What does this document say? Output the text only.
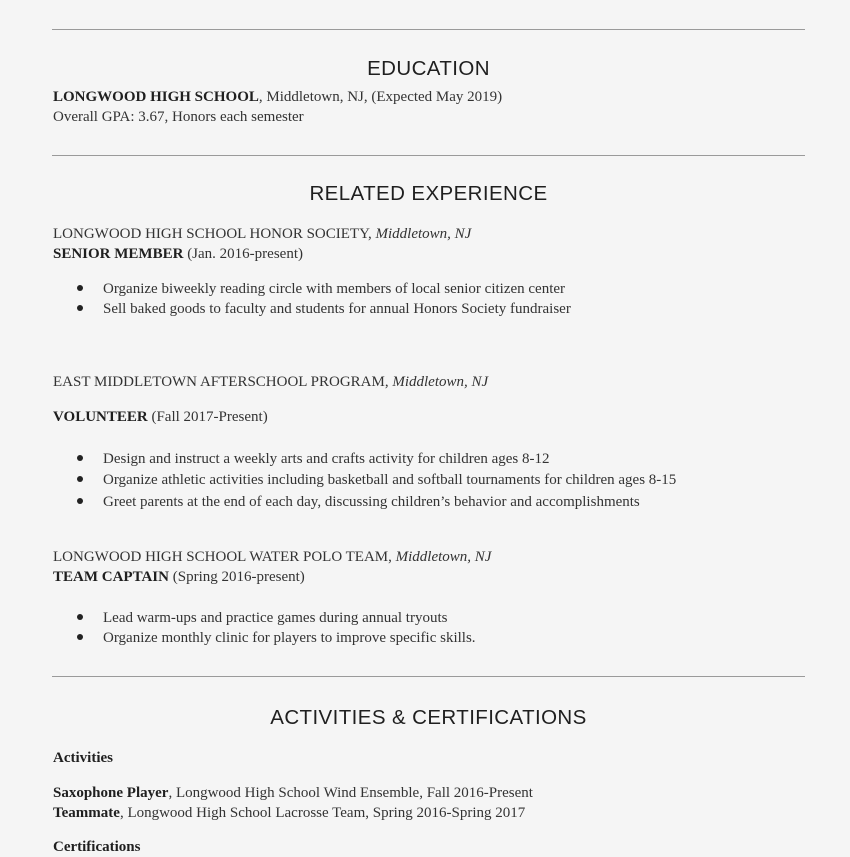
EDUCATION
LONGWOOD HIGH SCHOOL, Middletown, NJ, (Expected May 2019)
Overall GPA: 3.67, Honors each semester
RELATED EXPERIENCE
LONGWOOD HIGH SCHOOL HONOR SOCIETY, Middletown, NJ
SENIOR MEMBER (Jan. 2016-present)
Organize biweekly reading circle with members of local senior citizen center
Sell baked goods to faculty and students for annual Honors Society fundraiser
EAST MIDDLETOWN AFTERSCHOOL PROGRAM, Middletown, NJ
VOLUNTEER (Fall 2017-Present)
Design and instruct a weekly arts and crafts activity for children ages 8-12
Organize athletic activities including basketball and softball tournaments for children ages 8-15
Greet parents at the end of each day, discussing children’s behavior and accomplishments
LONGWOOD HIGH SCHOOL WATER POLO TEAM, Middletown, NJ
TEAM CAPTAIN (Spring 2016-present)
Lead warm-ups and practice games during annual tryouts
Organize monthly clinic for players to improve specific skills.
ACTIVITIES & CERTIFICATIONS
Activities
Saxophone Player, Longwood High School Wind Ensemble, Fall 2016-Present
Teammate, Longwood High School Lacrosse Team, Spring 2016-Spring 2017
Certifications
